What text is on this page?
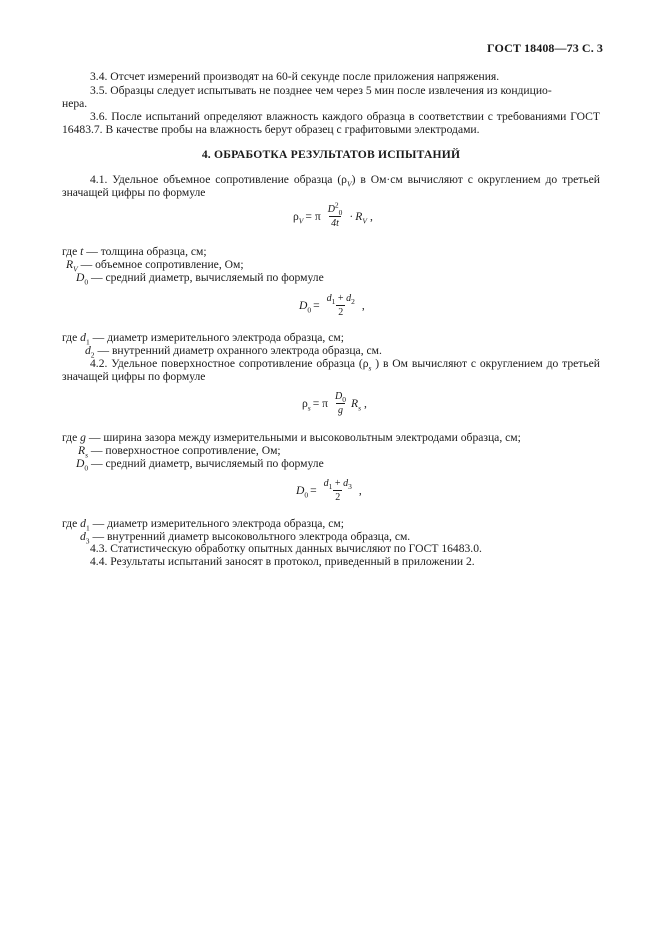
ГОСТ 18408—73 С. 3
3.4. Отсчет измерений производят на 60-й секунде после приложения напряжения.
3.5. Образцы следует испытывать не позднее чем через 5 мин после извлечения из кондицио-
нера.
3.6. После испытаний определяют влажность каждого образца в соответствии с требованиями ГОСТ 16483.7. В качестве пробы на влажность берут образец с графитовыми электродами.
4. ОБРАБОТКА РЕЗУЛЬТАТОВ ИСПЫТАНИЙ
4.1. Удельное объемное сопротивление образца $(\rho_V)$ в Ом·см вычисляют с округлением до третьей значащей цифры по формуле
$\rho_V = \pi \frac{D^2_0}{4t} \cdot R_V$ ,
где t — толщина образца, см;
$R_V$ — объемное сопротивление, Ом;
$D_0$ — средний диаметр, вычисляемый по формуле
$D_0 = \frac{d_1 + d_2}{2}$ ,
где $d_1$ — диаметр измерительного электрода образца, см;
$d_2$ — внутренний диаметр охранного электрода образца, см.
4.2. Удельное поверхностное сопротивление образца ($\rho_s$ ) в Ом вычисляют с округлением до третьей значащей цифры по формуле
$\rho_s = \pi \frac{D_0}{g} R_s$ ,
где g — ширина зазора между измерительными и высоковольтным электродами образца, см;
$R_s$ — поверхностное сопротивление, Ом;
$D_0$ — средний диаметр, вычисляемый по формуле
$D_0 = \frac{d_1 + d_3}{2}$ ,
где $d_1$ — диаметр измерительного электрода образца, см;
$d_3$ — внутренний диаметр высоковольтного электрода образца, см.
4.3. Статистическую обработку опытных данных вычисляют по ГОСТ 16483.0.
4.4. Результаты испытаний заносят в протокол, приведенный в приложении 2.
